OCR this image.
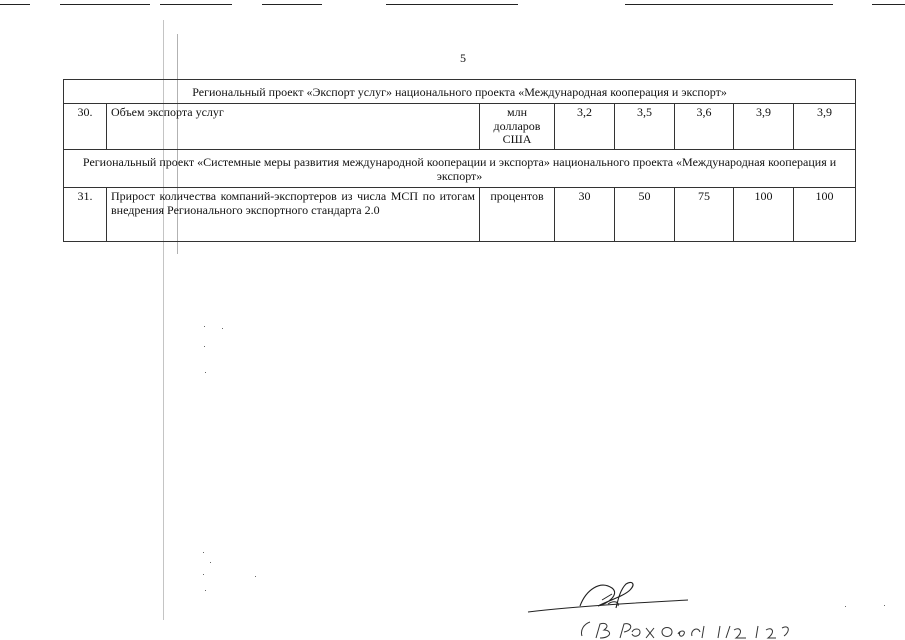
5
Региональный проект «Экспорт услуг» национального проекта «Международная кооперация и экспорт»							
30.	Объем экспорта услуг	млн долларов США	3,2	3,5	3,6	3,9	3,9
Региональный проект «Системные меры развития международной кооперации и экспорта» национального проекта «Международная кооперация и экспорт»							
31.	Прирост количества компаний-экспортеров из числа МСП по итогам внедрения Регионального экспортного стандарта 2.0	процентов	30	50	75	100	100
